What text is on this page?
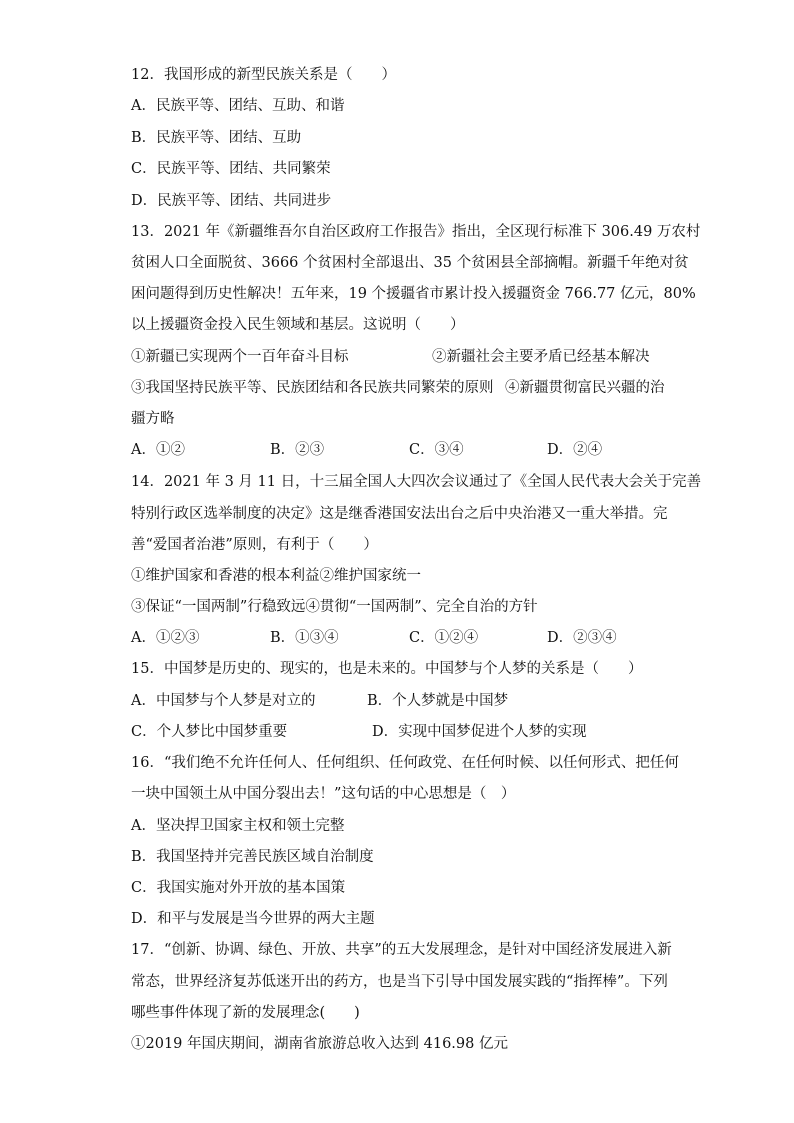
12．我国形成的新型民族关系是（　　）
A．民族平等、团结、互助、和谐
B．民族平等、团结、互助
C．民族平等、团结、共同繁荣
D．民族平等、团结、共同进步
13．2021 年《新疆维吾尔自治区政府工作报告》指出，全区现行标准下 306.49 万农村
贫困人口全面脱贫、3666 个贫困村全部退出、35 个贫困县全部摘帽。新疆千年绝对贫
困问题得到历史性解决！五年来，19 个援疆省市累计投入援疆资金 766.77 亿元，80%
以上援疆资金投入民生领域和基层。这说明（　　）
①新疆已实现两个一百年奋斗目标	②新疆社会主要矛盾已经基本解决
③我国坚持民族平等、民族团结和各民族共同繁荣的原则 ④新疆贯彻富民兴疆的治
疆方略
A．①②	B．②③	C．③④	D．②④
14．2021 年 3 月 11 日，十三届全国人大四次会议通过了《全国人民代表大会关于完善
特别行政区选举制度的决定》这是继香港国安法出台之后中央治港又一重大举措。完
善“爱国者治港”原则，有利于（　　）
①维护国家和香港的根本利益②维护国家统一
③保证“一国两制”行稳致远④贯彻“一国两制”、完全自治的方针
A．①②③	B．①③④	C．①②④	D．②③④
15．中国梦是历史的、现实的，也是未来的。中国梦与个人梦的关系是（　　）
A．中国梦与个人梦是对立的	B．个人梦就是中国梦
C．个人梦比中国梦重要	D．实现中国梦促进个人梦的实现
16．“我们绝不允许任何人、任何组织、任何政党、在任何时候、以任何形式、把任何
一块中国领土从中国分裂出去！”这句话的中心思想是（　）
A．坚决捍卫国家主权和领土完整
B．我国坚持并完善民族区域自治制度
C．我国实施对外开放的基本国策
D．和平与发展是当今世界的两大主题
17．“创新、协调、绿色、开放、共享”的五大发展理念，是针对中国经济发展进入新
常态，世界经济复苏低迷开出的药方，也是当下引导中国发展实践的“指挥棒”。下列
哪些事件体现了新的发展理念(　　)
①2019 年国庆期间，湖南省旅游总收入达到 416.98 亿元
